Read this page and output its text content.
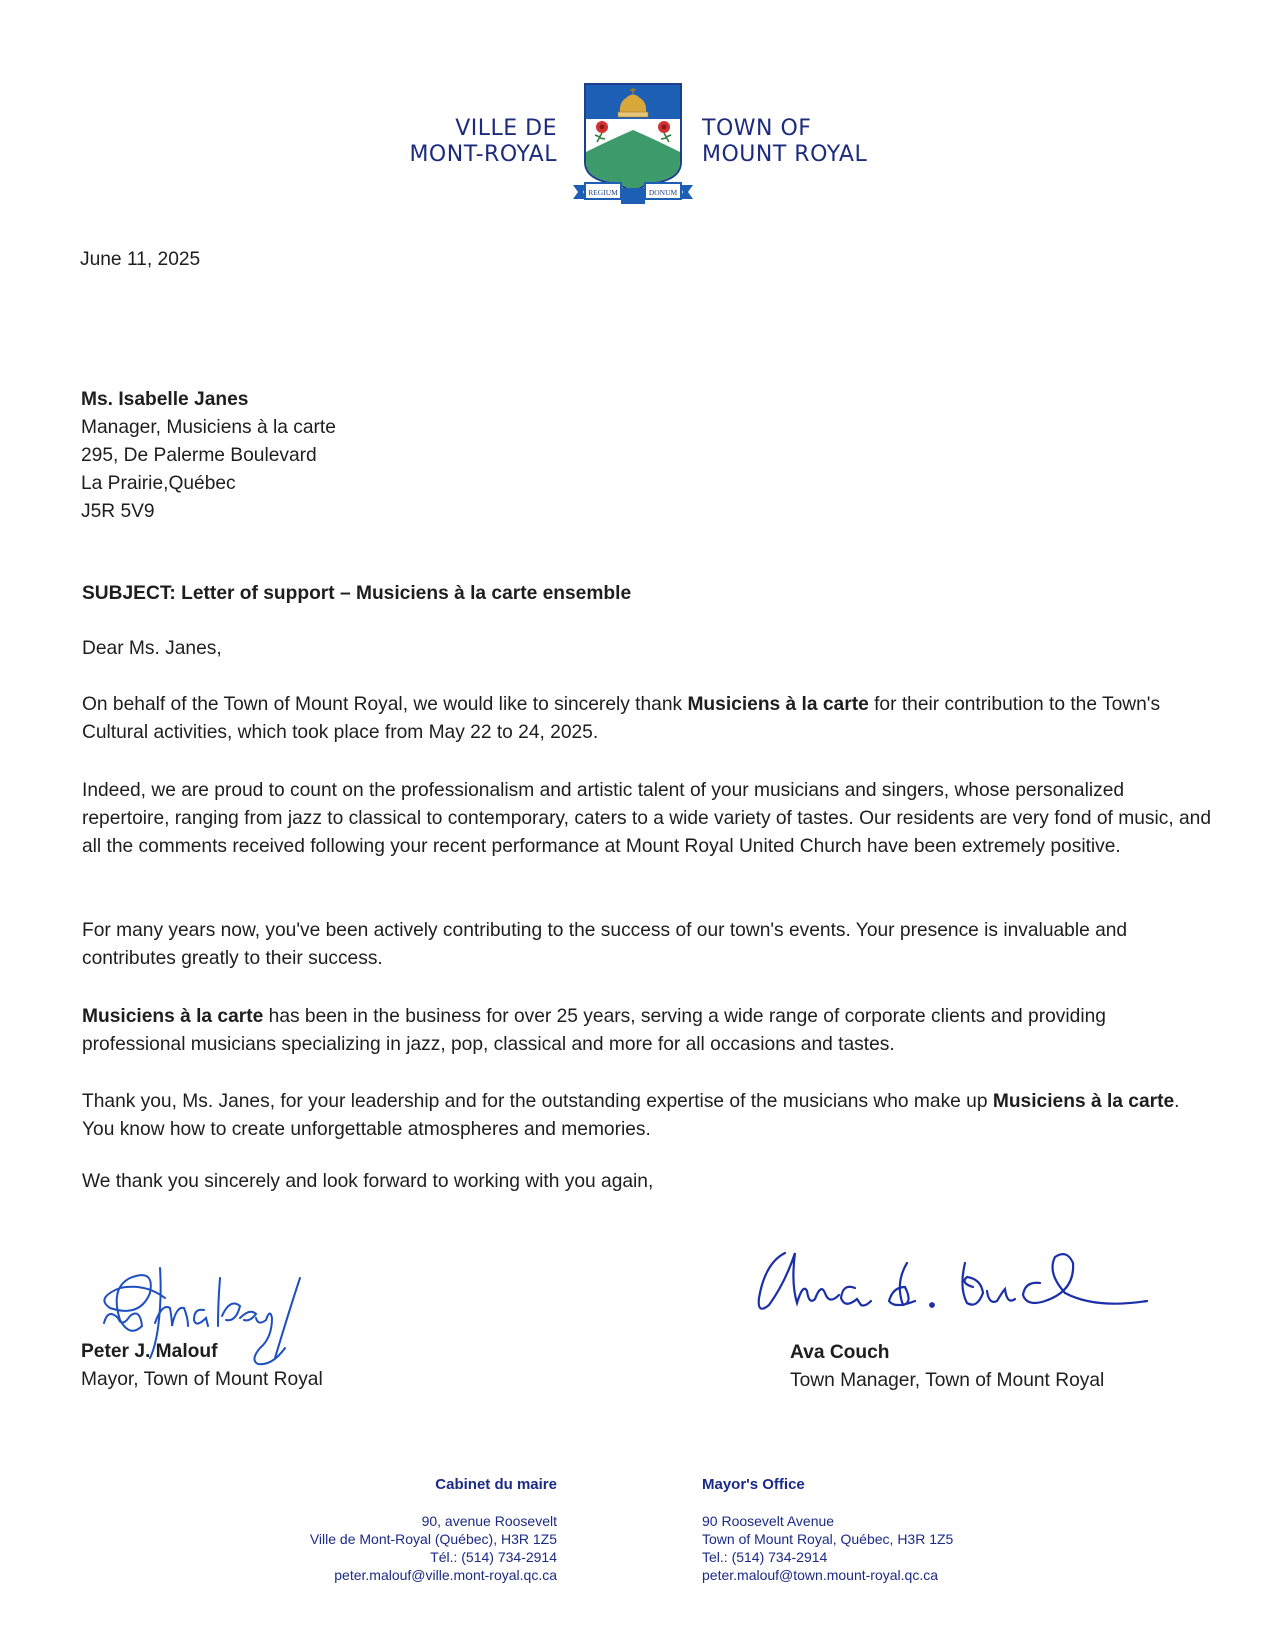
VILLE DE
MONT-ROYAL
REGIUM	DONUM
TOWN OF
MOUNT ROYAL
June 11, 2025
Ms. Isabelle Janes
Manager, Musiciens à la carte
295, De Palerme Boulevard
La Prairie,Québec
J5R 5V9
SUBJECT: Letter of support – Musiciens à la carte ensemble
Dear Ms. Janes,
On behalf of the Town of Mount Royal, we would like to sincerely thank Musiciens à la carte for their contribution to the Town's Cultural activities, which took place from May 22 to 24, 2025.
Indeed, we are proud to count on the professionalism and artistic talent of your musicians and singers, whose personalized repertoire, ranging from jazz to classical to contemporary, caters to a wide variety of tastes. Our residents are very fond of music, and all the comments received following your recent performance at Mount Royal United Church have been extremely positive.
For many years now, you've been actively contributing to the success of our town's events. Your presence is invaluable and contributes greatly to their success.
Musiciens à la carte has been in the business for over 25 years, serving a wide range of corporate clients and providing professional musicians specializing in jazz, pop, classical and more for all occasions and tastes.
Thank you, Ms. Janes, for your leadership and for the outstanding expertise of the musicians who make up Musiciens à la carte. You know how to create unforgettable atmospheres and memories.
We thank you sincerely and look forward to working with you again,
Peter J. Malouf
Mayor, Town of Mount Royal
Ava Couch
Town Manager, Town of Mount Royal
Cabinet du maire
90, avenue Roosevelt
Ville de Mont-Royal (Québec), H3R 1Z5
Tél.: (514) 734-2914
peter.malouf@ville.mont-royal.qc.ca
Mayor's Office
90 Roosevelt Avenue
Town of Mount Royal, Québec, H3R 1Z5
Tel.: (514) 734-2914
peter.malouf@town.mount-royal.qc.ca
